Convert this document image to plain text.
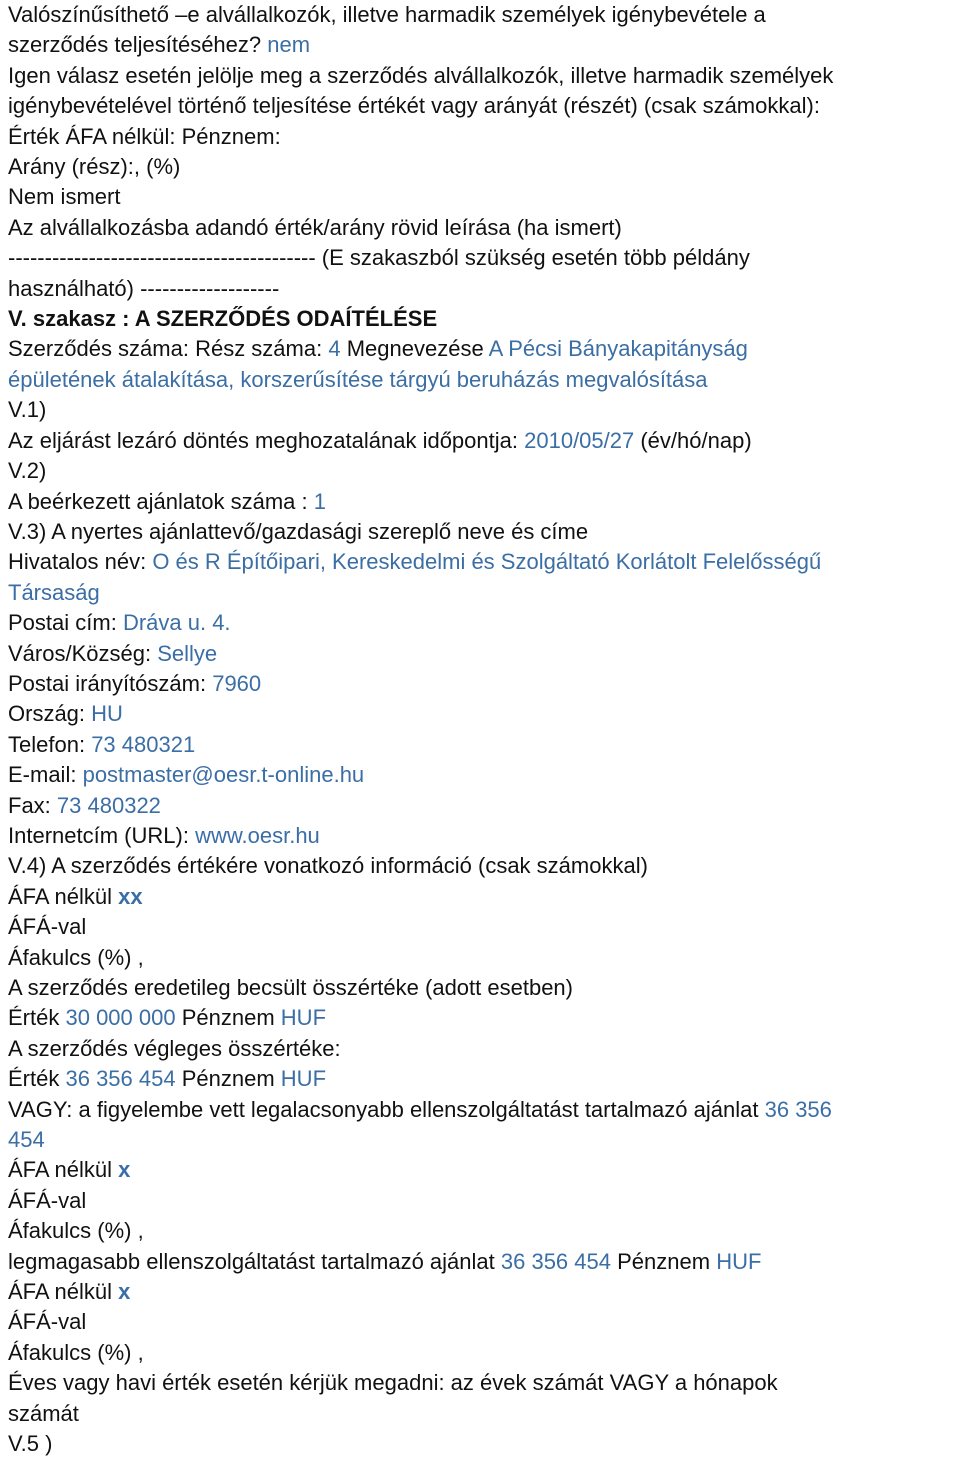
Valószínűsíthető –e alvállalkozók, illetve harmadik személyek igénybevétele a
szerződés teljesítéséhez? nem
Igen válasz esetén jelölje meg a szerződés alvállalkozók, illetve harmadik személyek
igénybevételével történő teljesítése értékét vagy arányát (részét) (csak számokkal):
Érték ÁFA nélkül: Pénznem:
Arány (rész):, (%)
Nem ismert
Az alvállalkozásba adandó érték/arány rövid leírása (ha ismert)
------------------------------------------ (E szakaszból szükség esetén több példány
használható) -------------------
V. szakasz : A SZERZŐDÉS ODAÍTÉLÉSE
Szerződés száma: Rész száma: 4 Megnevezése A Pécsi Bányakapitányság
épületének átalakítása, korszerűsítése tárgyú beruházás megvalósítása
V.1)
Az eljárást lezáró döntés meghozatalának időpontja: 2010/05/27 (év/hó/nap)
V.2)
A beérkezett ajánlatok száma : 1
V.3) A nyertes ajánlattevő/gazdasági szereplő neve és címe
Hivatalos név: O és R Építőipari, Kereskedelmi és Szolgáltató Korlátolt Felelősségű
Társaság
Postai cím: Dráva u. 4.
Város/Község: Sellye
Postai irányítószám: 7960
Ország: HU
Telefon: 73 480321
E-mail: postmaster@oesr.t-online.hu
Fax: 73 480322
Internetcím (URL): www.oesr.hu
V.4) A szerződés értékére vonatkozó információ (csak számokkal)
ÁFA nélkül xx
ÁFÁ-val
Áfakulcs (%) ,
A szerződés eredetileg becsült összértéke (adott esetben)
Érték 30 000 000 Pénznem HUF
A szerződés végleges összértéke:
Érték 36 356 454 Pénznem HUF
VAGY: a figyelembe vett legalacsonyabb ellenszolgáltatást tartalmazó ajánlat 36 356
454
ÁFA nélkül x
ÁFÁ-val
Áfakulcs (%) ,
legmagasabb ellenszolgáltatást tartalmazó ajánlat 36 356 454 Pénznem HUF
ÁFA nélkül x
ÁFÁ-val
Áfakulcs (%) ,
Éves vagy havi érték esetén kérjük megadni: az évek számát VAGY a hónapok
számát
V.5 )
